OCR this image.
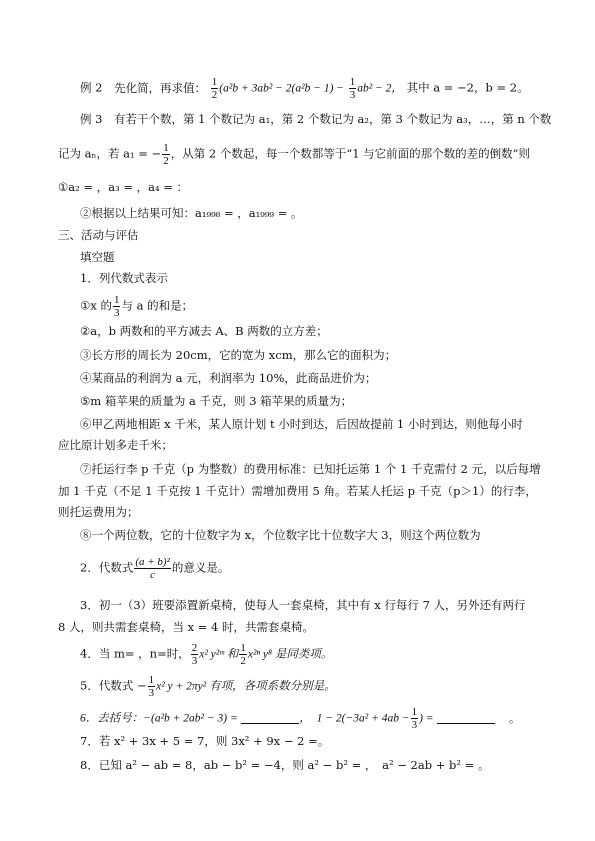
例 2 先化简，再求值： $\frac{1}{2} (a^2b + 3ab^2 - 2(a^2b - 1) - \frac{1}{3} ab^2 - 2$， 其中 a = −2，b = 2。
例 3　有若干个数，第 1 个数记为 a₁，第 2 个数记为 a₂，第 3 个数记为 a₃，…，第 n 个数
记为 aₙ，若 a₁ = − $\frac{1}{2}$ ，从第 2 个数起，每一个数都等于“1 与它前面的那个数的差的倒数”则
①a₂ = ，a₃ = ，a₄ = ：
②根据以上结果可知：a₁₉₉₈ = ，a₁₉₉₉ = 。
三、活动与评估
填空题
1．列代数式表示
①x 的 $\frac{1}{3}$ 与 a 的和是；
②a，b 两数和的平方减去 A、B 两数的立方差；
③长方形的周长为 20cm，它的宽为 xcm，那么它的面积为；
④某商品的利润为 a 元，利润率为 10%，此商品进价为；
⑤m 箱苹果的质量为 a 千克，则 3 箱苹果的质量为；
⑥甲乙两地相距 x 千米，某人原计划 t 小时到达，后因故提前 1 小时到达，则他每小时
应比原计划多走千米；
⑦托运行李 p 千克（p 为整数）的费用标准：已知托运第 1 个 1 千克需付 2 元，以后每增
加 1 千克（不足 1 千克按 1 千克计）需增加费用 5 角。若某人托运 p 千克（p＞1）的行李，
则托运费用为；
⑧一个两位数，它的十位数字为 x，个位数字比十位数字大 3，则这个两位数为
2．代数式 $\frac{\text{(a + b)²}}{c}$ 的意义是。
3．初一（3）班要添置新桌椅，使每人一套桌椅，其中有 x 行每行 7 人，另外还有两行
8 人，则共需套桌椅，当 x = 4 时，共需套桌椅。
4．当 m= ，n=时， $\frac{2}{3} x^2$ y²ᵐ 和 $\frac{1}{2} x^{2n}$ y⁸ 是同类项。
5．代数式 − $\frac{1}{3} x^2$ y + 2πy² 有项，各项系数分别是。
6．去括号：−(a²b + 2ab² − 3) =	，　$1 - 2(-3a^2 + 4ab - \frac{1}{3}$ ) =	。
7．若 x² + 3x + 5 = 7，则 3x² + 9x − 2 =。
8．已知 a² − ab = 8，ab − b² = −4，则 a² − b² = ，　a² − 2ab + b² = 。
